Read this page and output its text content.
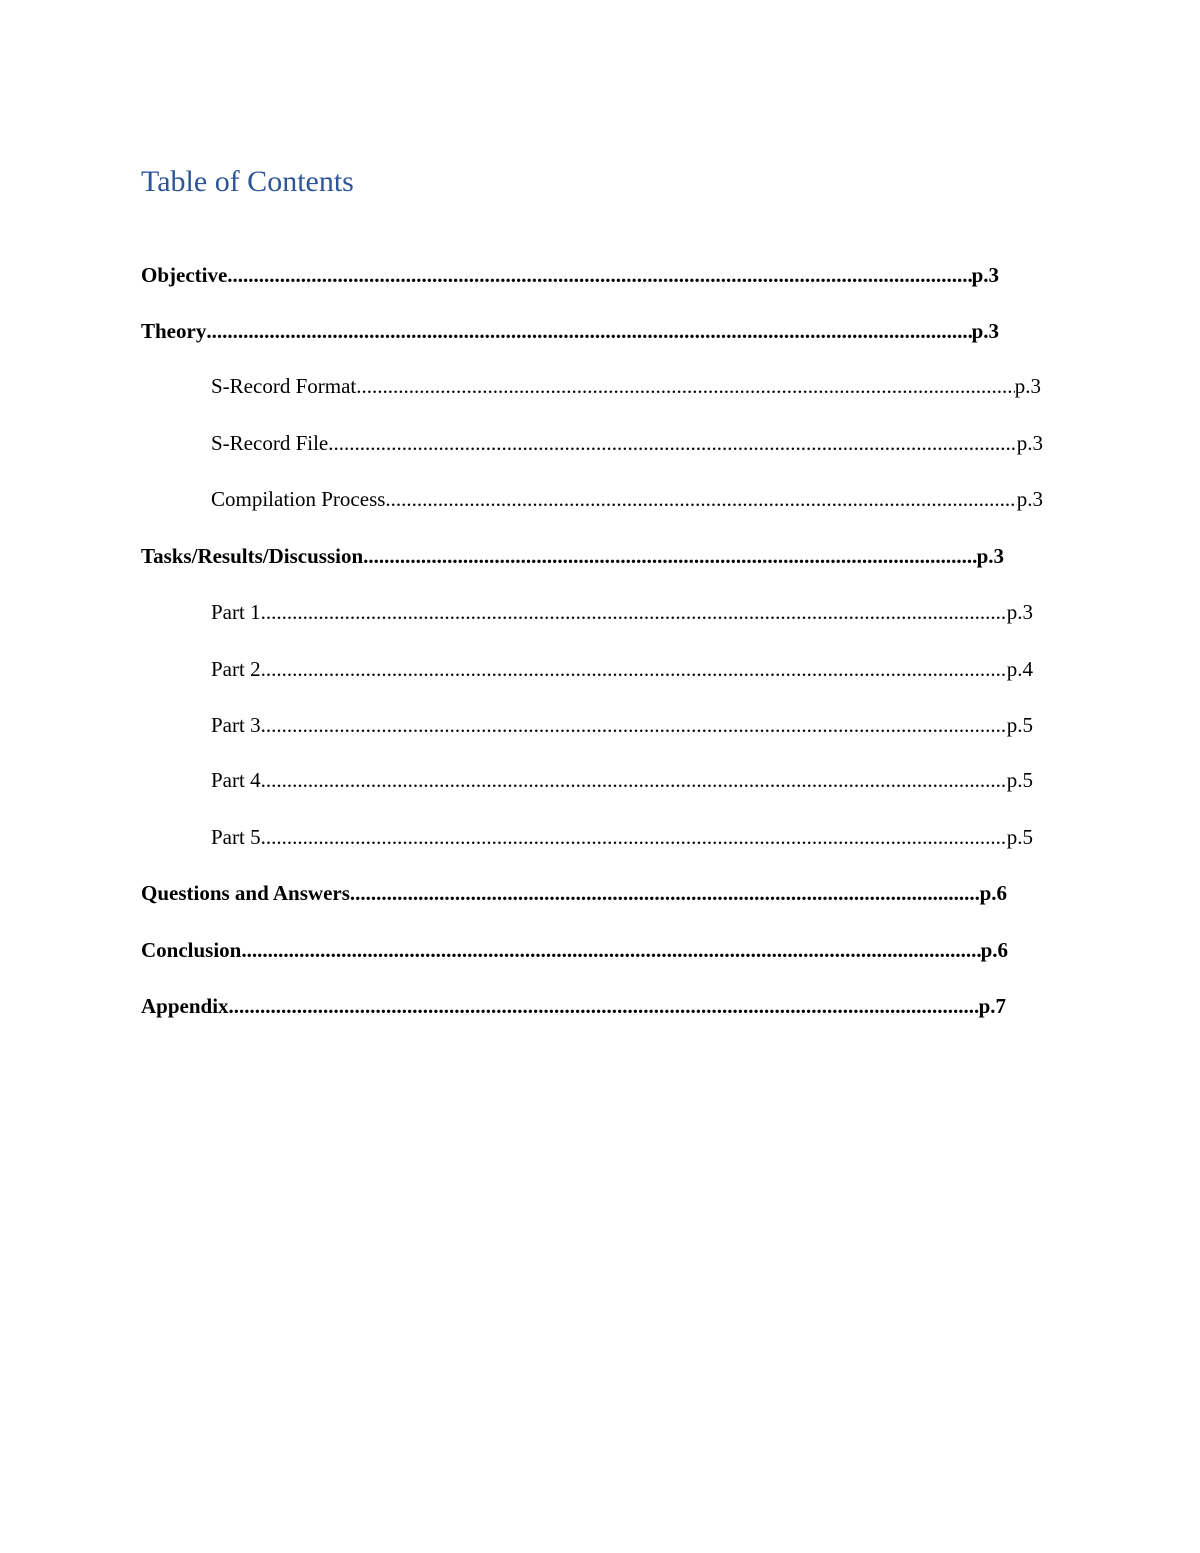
Table of Contents
Objective .....	p.3
Theory .....	p.3
S-Record Format .....	p.3
S-Record File .....	p.3
Compilation Process .....	p.3
Tasks/Results/Discussion .....	p.3
Part 1 .....	p.3
Part 2 .....	p.4
Part 3 .....	p.5
Part 4 .....	p.5
Part 5 .....	p.5
Questions and Answers .....	p.6
Conclusion .....	p.6
Appendix .....	p.7
